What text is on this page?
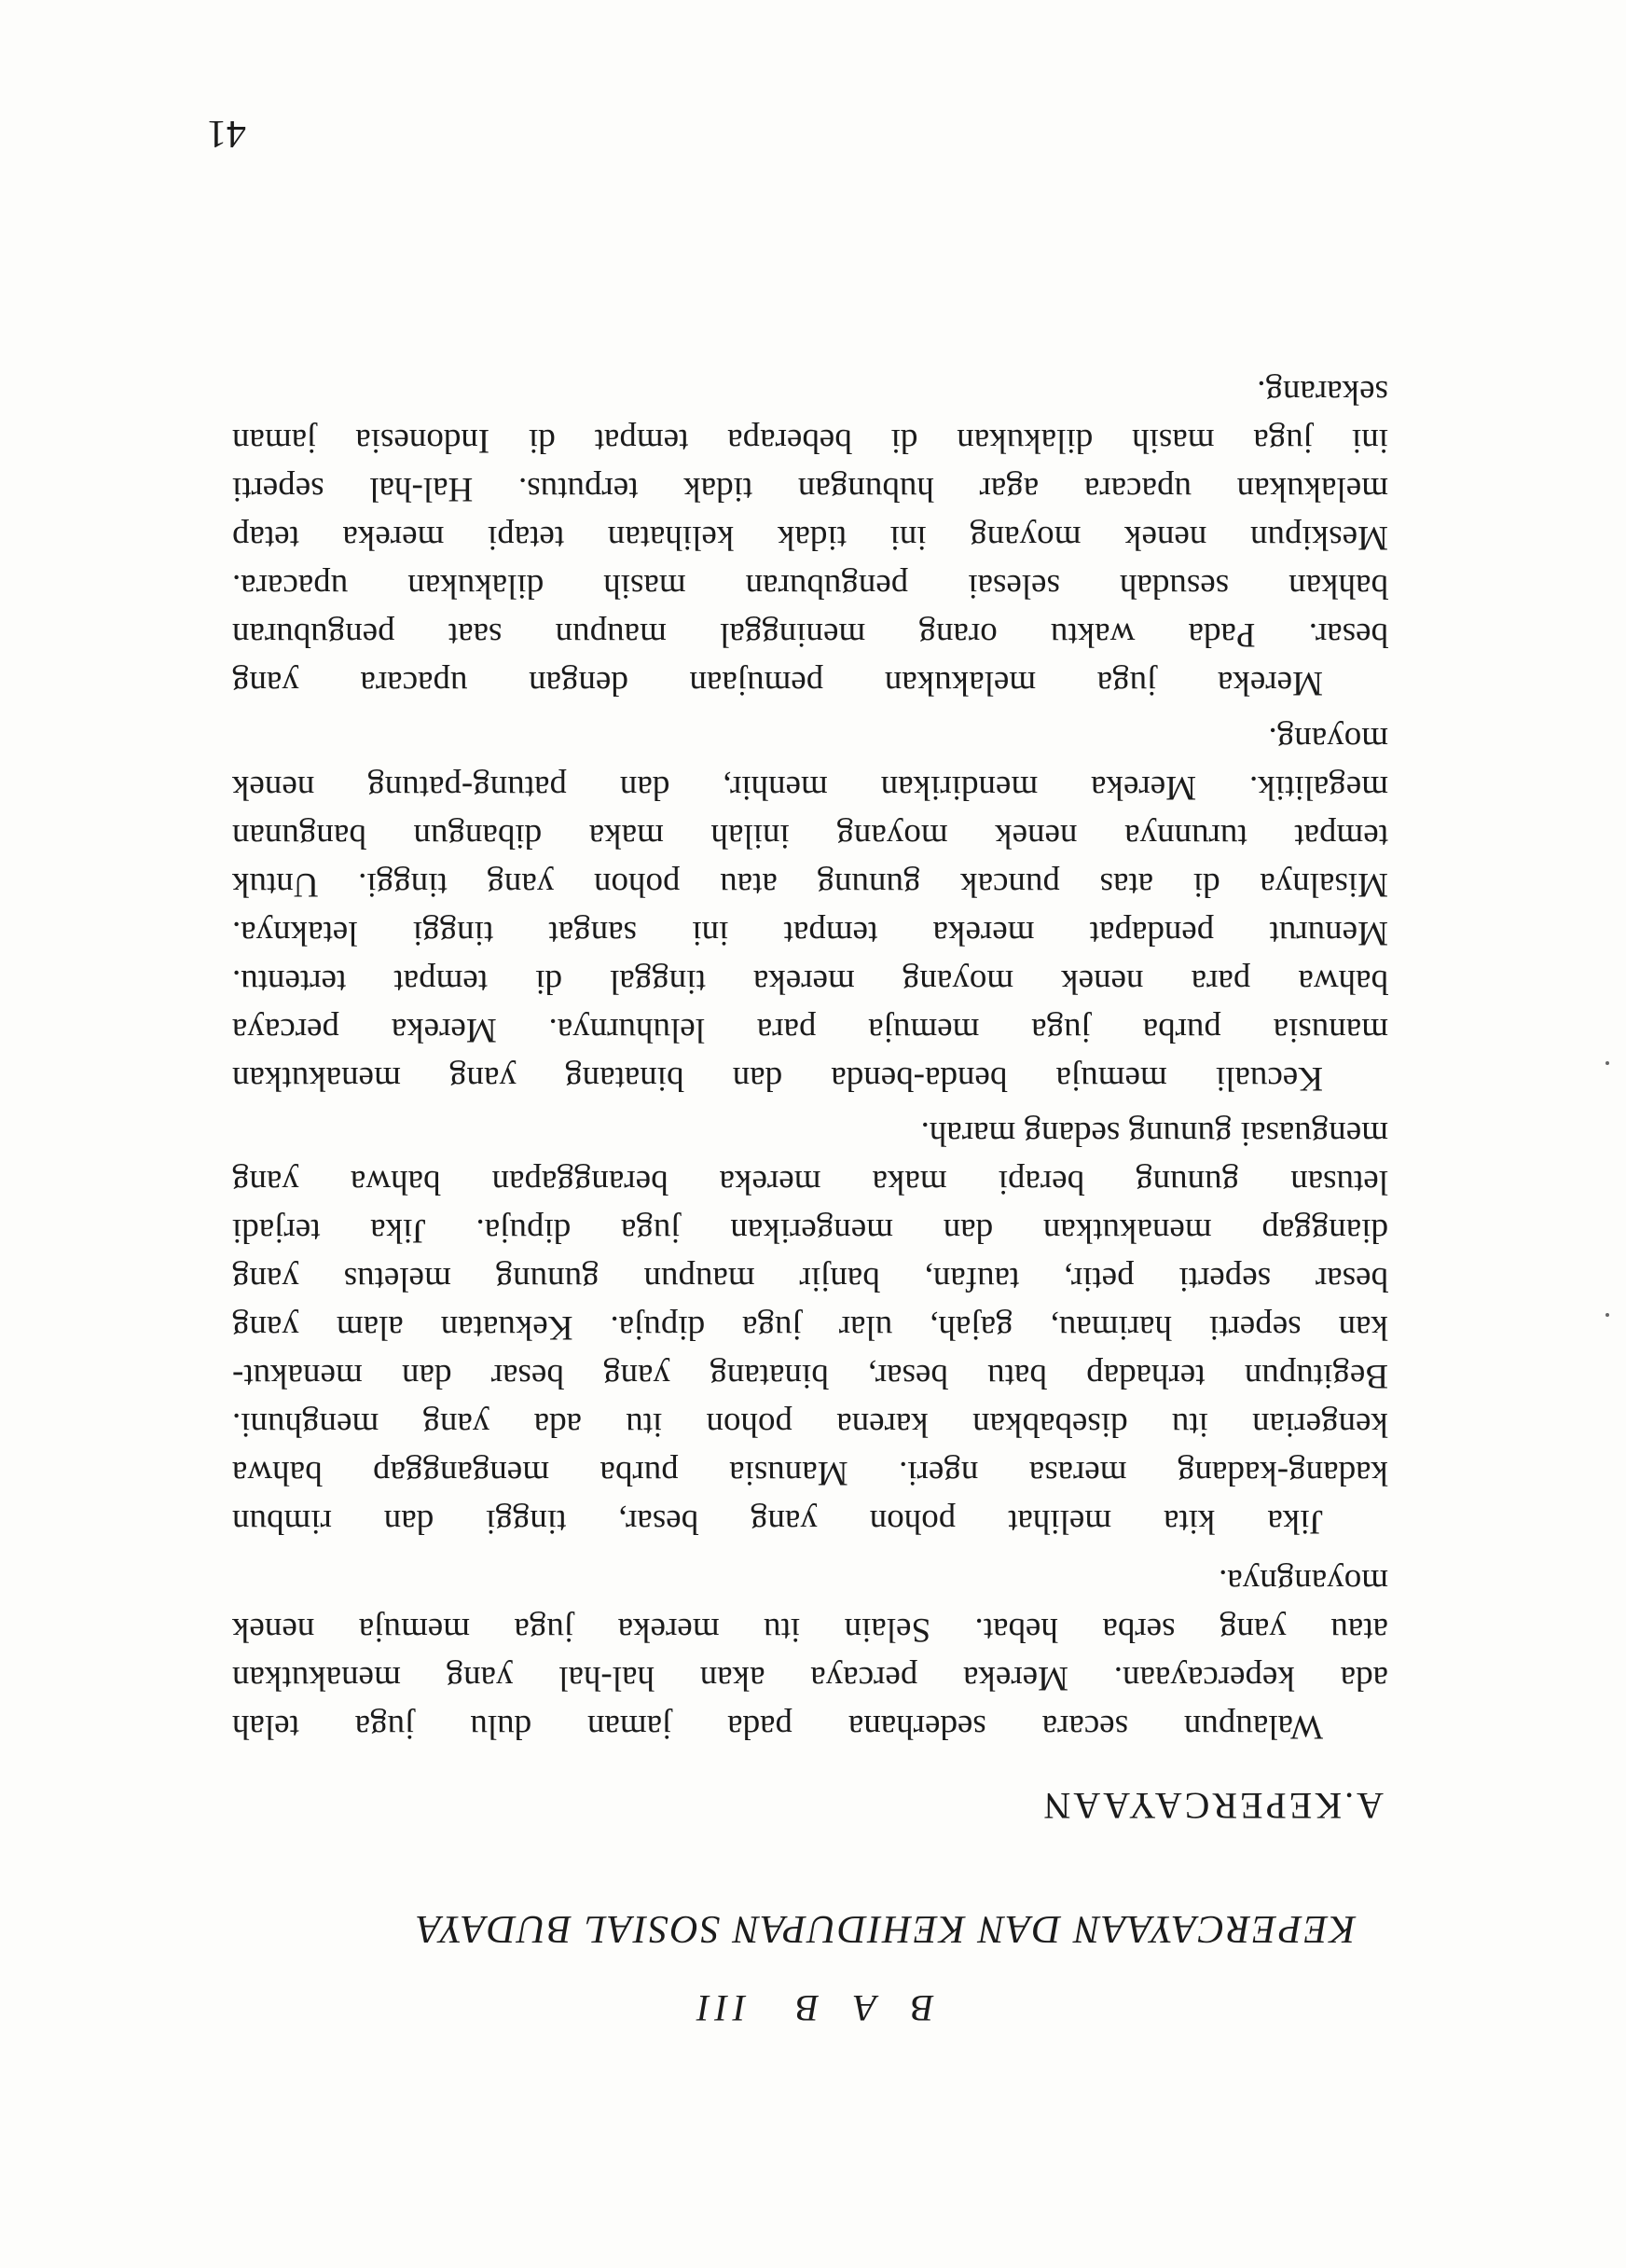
B A BIII
KEPERCAYAAN DAN KEHIDUPAN SOSIAL BUDAYA
A.KEPERCAYAAN
Walaupun secara sederhana pada jaman dulu juga telah
ada kepercayaan. Mereka percaya akan hal-hal yang menakutkan
atau yang serba hebat. Selain itu mereka juga memuja nenek
moyangnya.
Jika kita melihat pohon yang besar, tinggi dan rimbun
kadang-kadang merasa ngeri. Manusia purba menganggap bahwa
kengerian itu disebabkan karena pohon itu ada yang menghuni.
Begitupun terhadap batu besar, binatang yang besar dan menakut-
kan seperti harimau, gajah, ular juga dipuja. Kekuatan alam yang
besar seperti petir, taufan, banjir maupun gunung meletus yang
dianggap menakutkan dan mengerikan juga dipuja. Jika terjadi
letusan gunung berapi maka mereka beranggapan bahwa yang
menguasai gunung sedang marah.
Kecuali memuja benda-benda dan binatang yang menakutkan
manusia purba juga memuja para leluhurnya. Mereka percaya
bahwa para nenek moyang mereka tinggal di tempat tertentu.
Menurut pendapat mereka tempat ini sangat tinggi letaknya.
Misalnya di atas puncak gunung atau pohon yang tinggi. Untuk
tempat turunnya nenek moyang inilah maka dibangun bangunan
megalitik. Mereka mendirikan menhir, dan patung-patung nenek
moyang.
Mereka juga melakukan pemujaan dengan upacara yang
besar. Pada waktu orang meninggal maupun saat penguburan
bahkan sesudah selesai penguburan masih dilakukan upacara.
Meskipun nenek moyang ini tidak kelihatan tetapi mereka tetap
melakukan upacara agar hubungan tidak terputus. Hal-hal seperti
ini juga masih dilakukan di beberapa tempat di Indonesia jaman
sekarang.
41
